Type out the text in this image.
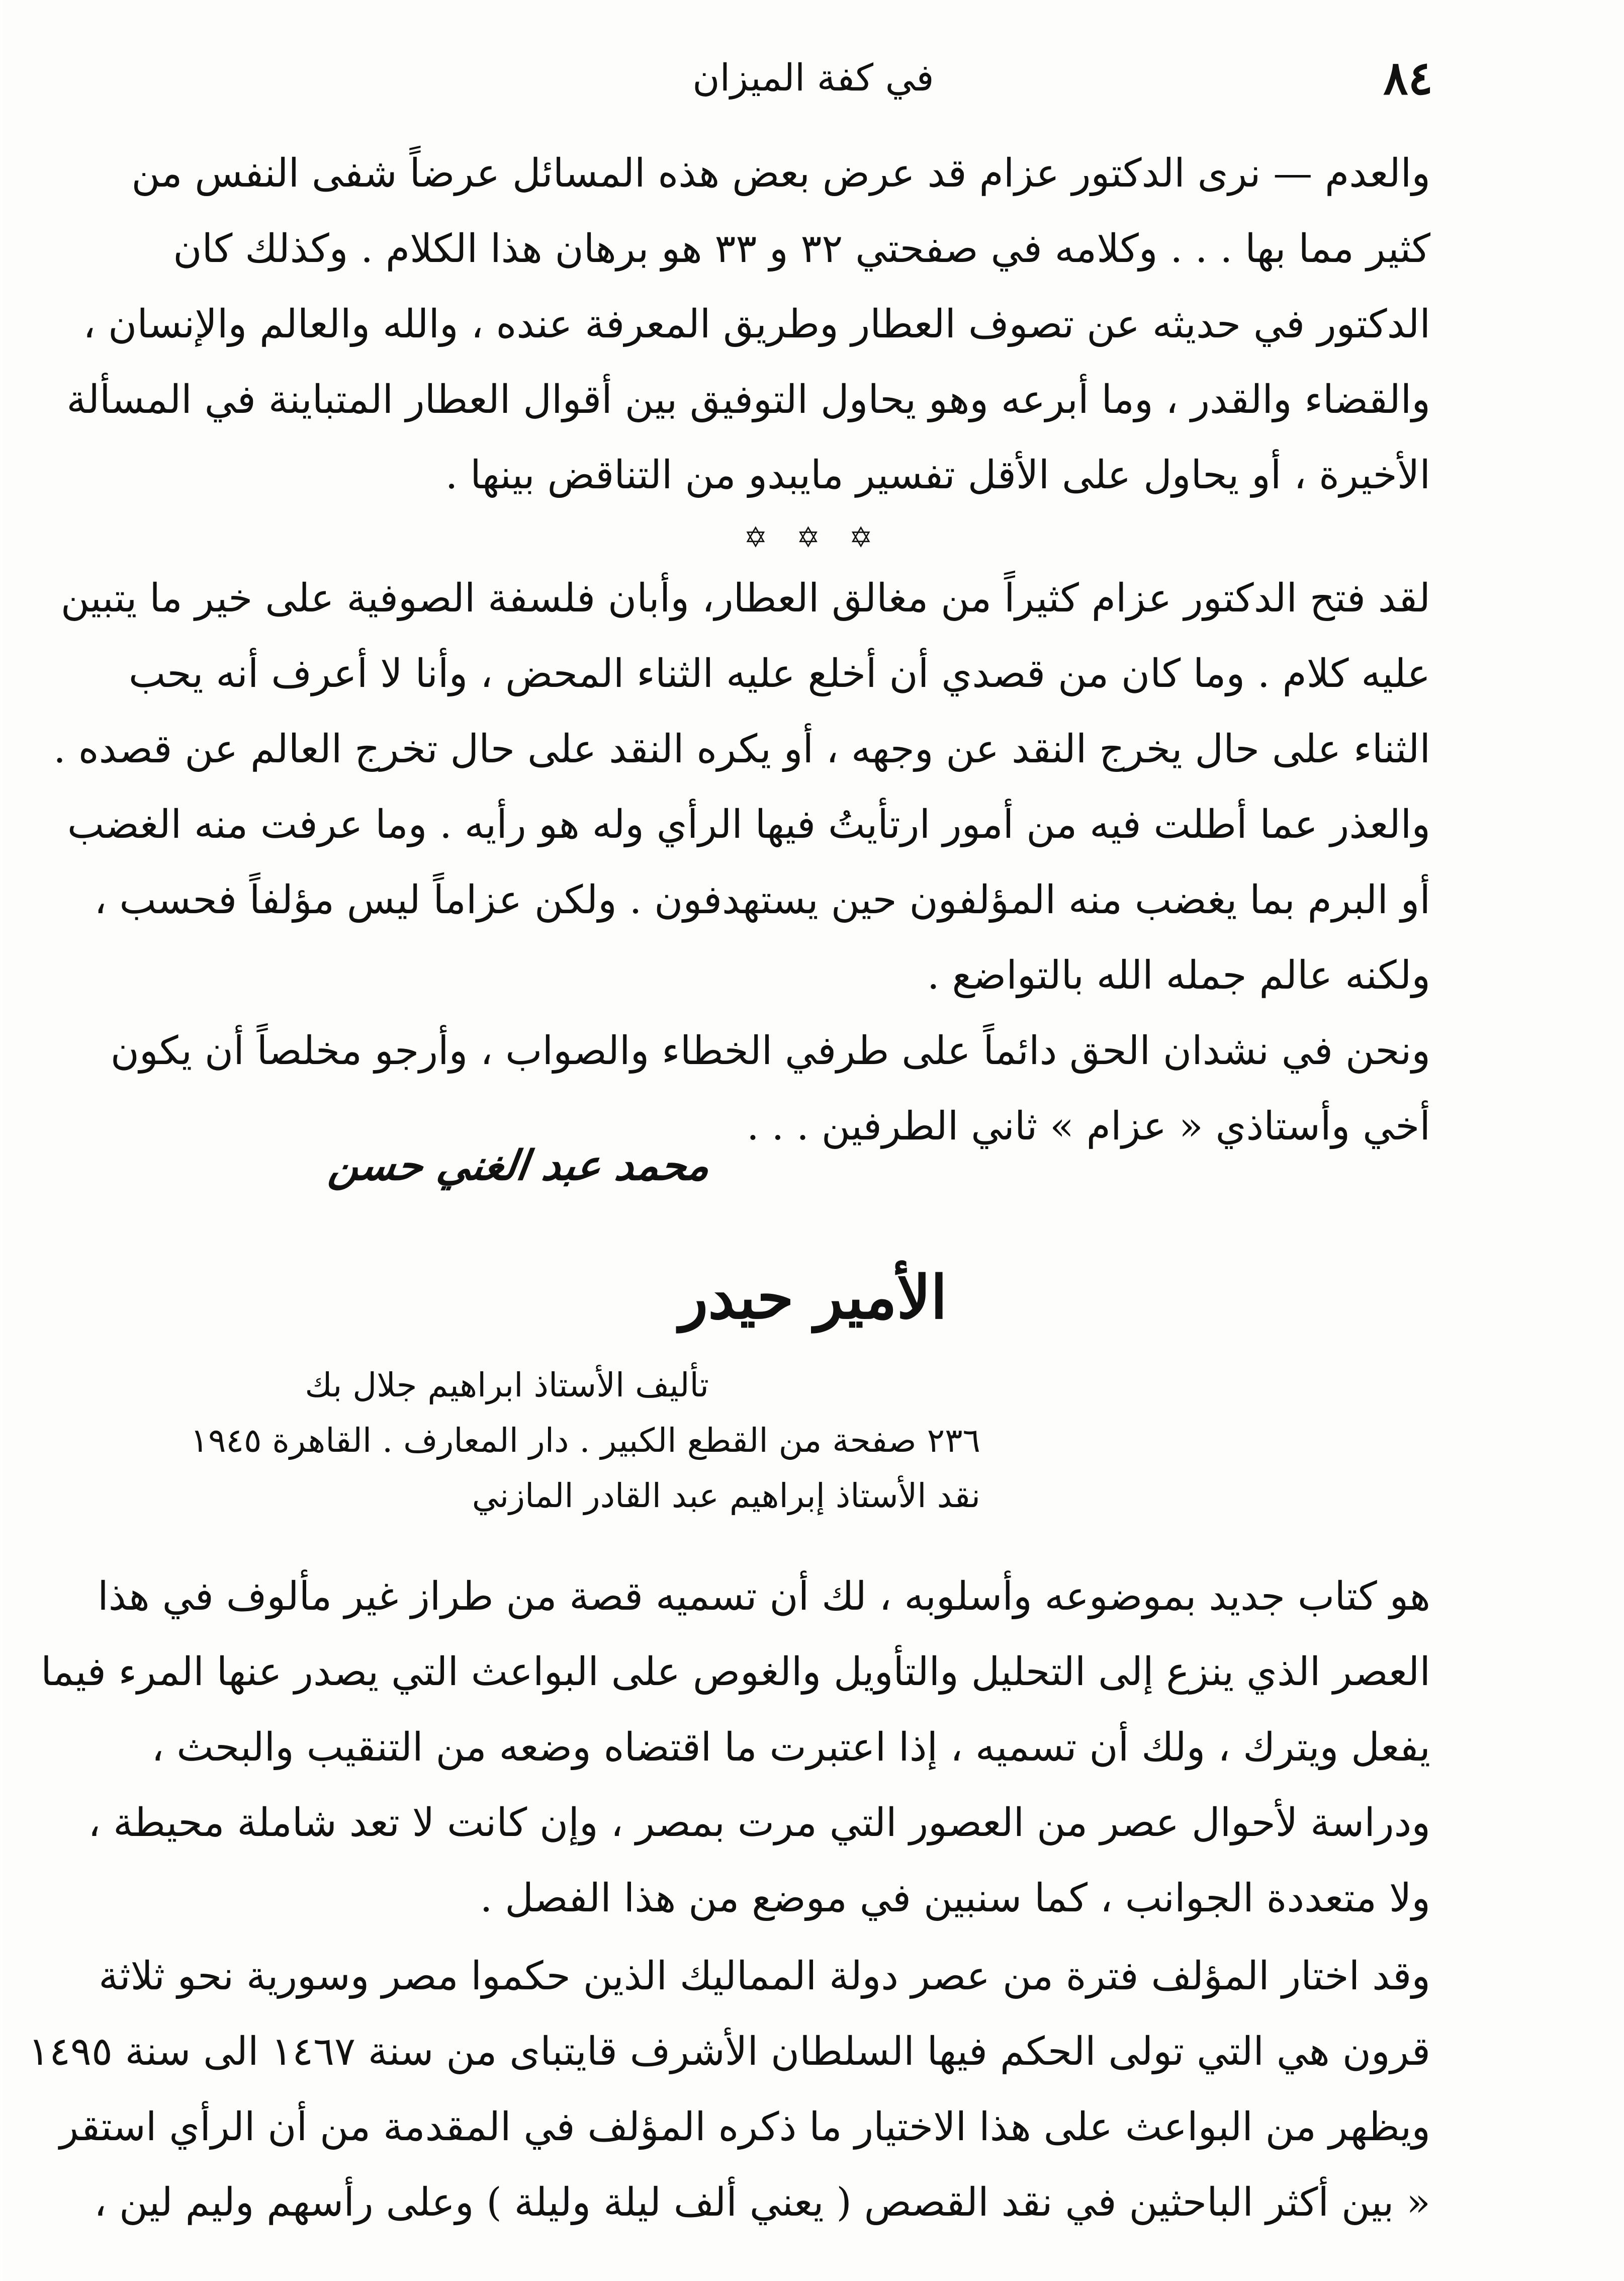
٨٤
في كفة الميزان
والعدم — نرى الدكتور عزام قد عرض بعض هذه المسائل عرضاً شفى النفس من
كثير مما بها . . . وكلامه في صفحتي ٣٢ و ٣٣ هو برهان هذا الكلام . وكذلك كان
الدكتور في حديثه عن تصوف العطار وطريق المعرفة عنده ، والله والعالم والإنسان ،
والقضاء والقدر ، وما أبرعه وهو يحاول التوفيق بين أقوال العطار المتباينة في المسألة
الأخيرة ، أو يحاول على الأقل تفسير مايبدو من التناقض بينها .
✡ ✡ ✡
لقد فتح الدكتور عزام كثيراً من مغالق العطار، وأبان فلسفة الصوفية على خير ما يتبين
عليه كلام . وما كان من قصدي أن أخلع عليه الثناء المحض ، وأنا لا أعرف أنه يحب
الثناء على حال يخرج النقد عن وجهه ، أو يكره النقد على حال تخرج العالم عن قصده .
والعذر عما أطلت فيه من أمور ارتأيتُ فيها الرأي وله هو رأيه . وما عرفت منه الغضب
أو البرم بما يغضب منه المؤلفون حين يستهدفون . ولكن عزاماً ليس مؤلفاً فحسب ،
ولكنه عالم جمله الله بالتواضع .
ونحن في نشدان الحق دائماً على طرفي الخطاء والصواب ، وأرجو مخلصاً أن يكون
أخي وأستاذي « عزام » ثاني الطرفين . . .
محمد عبد الغني حسن
الأمير حيدر
تأليف الأستاذ ابراهيم جلال بك
٢٣٦ صفحة من القطع الكبير . دار المعارف . القاهرة ١٩٤٥
نقد الأستاذ إبراهيم عبد القادر المازني
هو كتاب جديد بموضوعه وأسلوبه ، لك أن تسميه قصة من طراز غير مألوف في هذا
العصر الذي ينزع إلى التحليل والتأويل والغوص على البواعث التي يصدر عنها المرء فيما
يفعل ويترك ، ولك أن تسميه ، إذا اعتبرت ما اقتضاه وضعه من التنقيب والبحث ،
ودراسة لأحوال عصر من العصور التي مرت بمصر ، وإن كانت لا تعد شاملة محيطة ،
ولا متعددة الجوانب ، كما سنبين في موضع من هذا الفصل .
وقد اختار المؤلف فترة من عصر دولة المماليك الذين حكموا مصر وسورية نحو ثلاثة
قرون هي التي تولى الحكم فيها السلطان الأشرف قايتباى من سنة ١٤٦٧ الى سنة ١٤٩٥
ويظهر من البواعث على هذا الاختيار ما ذكره المؤلف في المقدمة من أن الرأي استقر
« بين أكثر الباحثين في نقد القصص ( يعني ألف ليلة وليلة ) وعلى رأسهم وليم لين ،
